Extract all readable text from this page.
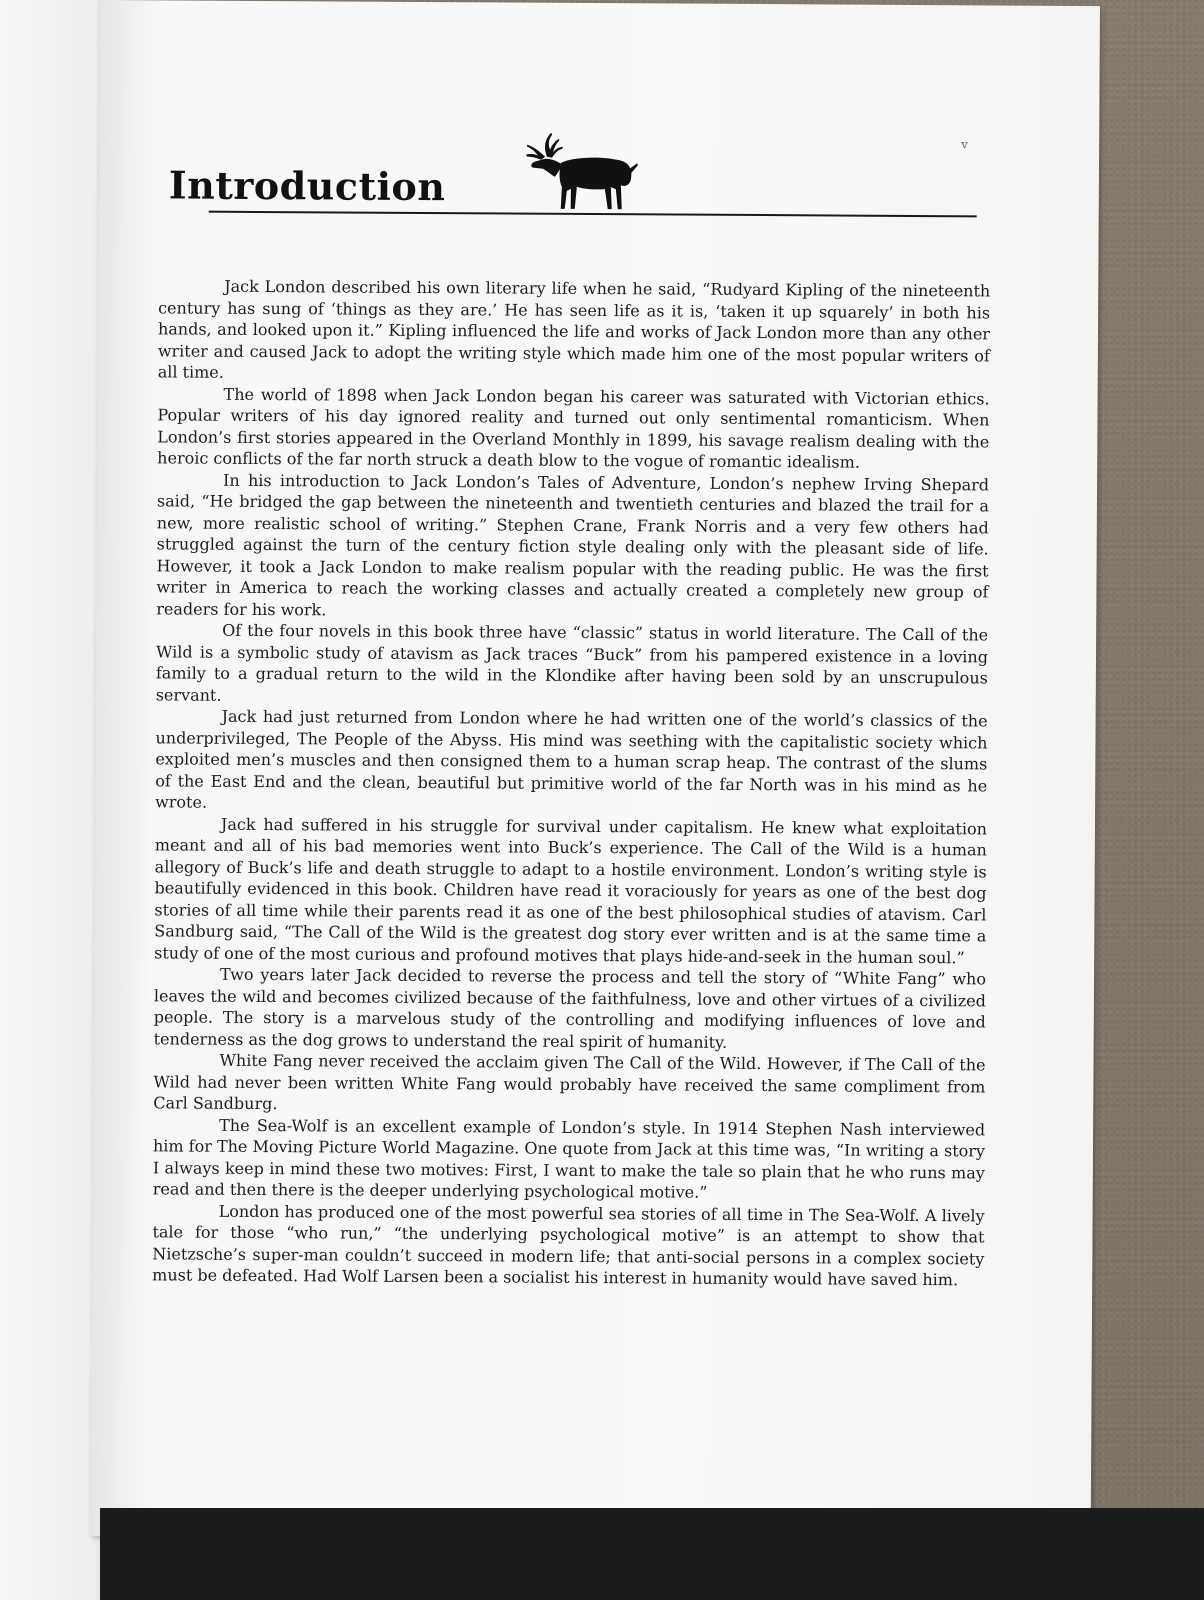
v
Introduction

Jack London described his own literary life when he said, “Rudyard Kipling of the nineteenth century has sung of ‘things as they are.’ He has seen life as it is, ‘taken it up squarely’ in both his hands, and looked upon it.” Kipling influenced the life and works of Jack London more than any other writer and caused Jack to adopt the writing style which made him one of the most popular writers of all time.

The world of 1898 when Jack London began his career was saturated with Victorian ethics. Popular writers of his day ignored reality and turned out only sentimental romanticism. When London’s first stories appeared in the Overland Monthly in 1899, his savage realism dealing with the heroic conflicts of the far north struck a death blow to the vogue of romantic idealism.

In his introduction to Jack London’s Tales of Adventure, London’s nephew Irving Shepard said, “He bridged the gap between the nineteenth and twentieth centuries and blazed the trail for a new, more realistic school of writing.” Stephen Crane, Frank Norris and a very few others had struggled against the turn of the century fiction style dealing only with the pleasant side of life. However, it took a Jack London to make realism popular with the reading public. He was the first writer in America to reach the working classes and actually created a completely new group of readers for his work.

Of the four novels in this book three have “classic” status in world literature. The Call of the Wild is a symbolic study of atavism as Jack traces “Buck” from his pampered existence in a loving family to a gradual return to the wild in the Klondike after having been sold by an unscrupulous servant.

Jack had just returned from London where he had written one of the world’s classics of the underprivileged, The People of the Abyss. His mind was seething with the capitalistic society which exploited men’s muscles and then consigned them to a human scrap heap. The contrast of the slums of the East End and the clean, beautiful but primitive world of the far North was in his mind as he wrote.

Jack had suffered in his struggle for survival under capitalism. He knew what exploitation meant and all of his bad memories went into Buck’s experience. The Call of the Wild is a human allegory of Buck’s life and death struggle to adapt to a hostile environment. London’s writing style is beautifully evidenced in this book. Children have read it voraciously for years as one of the best dog stories of all time while their parents read it as one of the best philosophical studies of atavism. Carl Sandburg said, “The Call of the Wild is the greatest dog story ever written and is at the same time a study of one of the most curious and profound motives that plays hide-and-seek in the human soul.”

Two years later Jack decided to reverse the process and tell the story of “White Fang” who leaves the wild and becomes civilized because of the faithfulness, love and other virtues of a civilized people. The story is a marvelous study of the controlling and modifying influences of love and tenderness as the dog grows to understand the real spirit of humanity.

White Fang never received the acclaim given The Call of the Wild. However, if The Call of the Wild had never been written White Fang would probably have received the same compliment from Carl Sandburg.

The Sea-Wolf is an excellent example of London’s style. In 1914 Stephen Nash interviewed him for The Moving Picture World Magazine. One quote from Jack at this time was, “In writing a story I always keep in mind these two motives: First, I want to make the tale so plain that he who runs may read and then there is the deeper underlying psychological motive.”

London has produced one of the most powerful sea stories of all time in The Sea-Wolf. A lively tale for those “who run,” “the underlying psychological motive” is an attempt to show that Nietzsche’s super-man couldn’t succeed in modern life; that anti-social persons in a complex society must be defeated. Had Wolf Larsen been a socialist his interest in humanity would have saved him.
